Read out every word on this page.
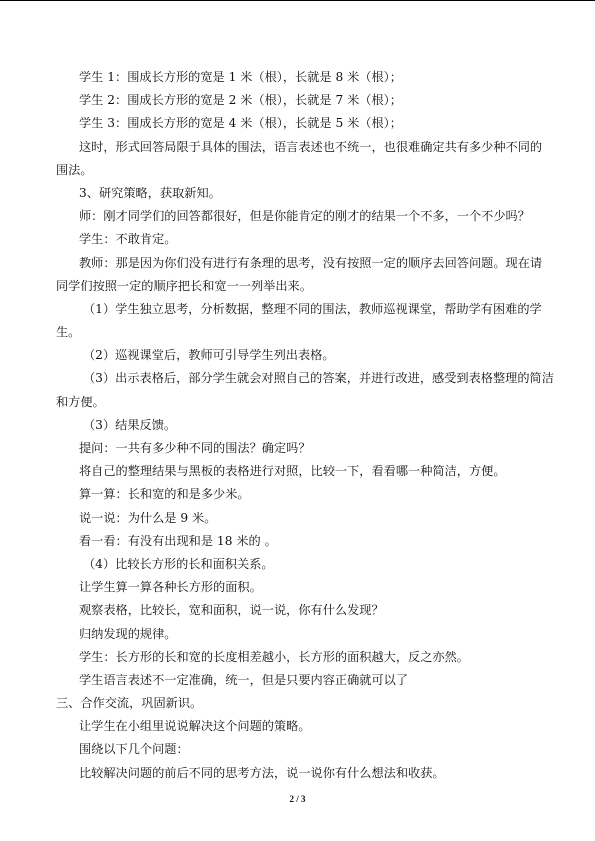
学生 1：围成长方形的宽是 1 米（根），长就是 8 米（根）；
学生 2：围成长方形的宽是 2 米（根），长就是 7 米（根）；
学生 3：围成长方形的宽是 4 米（根），长就是 5 米（根）；
这时，形式回答局限于具体的围法，语言表述也不统一，也很难确定共有多少种不同的
围法。
3、研究策略，获取新知。
师：刚才同学们的回答都很好，但是你能肯定的刚才的结果一个不多，一个不少吗？
学生：不敢肯定。
教师：那是因为你们没有进行有条理的思考，没有按照一定的顺序去回答问题。现在请
同学们按照一定的顺序把长和宽一一列举出来。
（1）学生独立思考，分析数据，整理不同的围法，教师巡视课堂，帮助学有困难的学
生。
（2）巡视课堂后，教师可引导学生列出表格。
（3）出示表格后，部分学生就会对照自己的答案，并进行改进，感受到表格整理的简洁
和方便。
（3）结果反馈。
提问：一共有多少种不同的围法？确定吗？
将自己的整理结果与黑板的表格进行对照，比较一下，看看哪一种简洁，方便。
算一算：长和宽的和是多少米。
说一说：为什么是 9 米。
看一看：有没有出现和是 18 米的 。
（4）比较长方形的长和面积关系。
让学生算一算各种长方形的面积。
观察表格，比较长，宽和面积，说一说，你有什么发现？
归纳发现的规律。
学生：长方形的长和宽的长度相差越小，长方形的面积越大，反之亦然。
学生语言表述不一定准确，统一，但是只要内容正确就可以了
三、合作交流，巩固新识。
让学生在小组里说说解决这个问题的策略。
围绕以下几个问题：
比较解决问题的前后不同的思考方法，说一说你有什么想法和收获。
2 / 3
